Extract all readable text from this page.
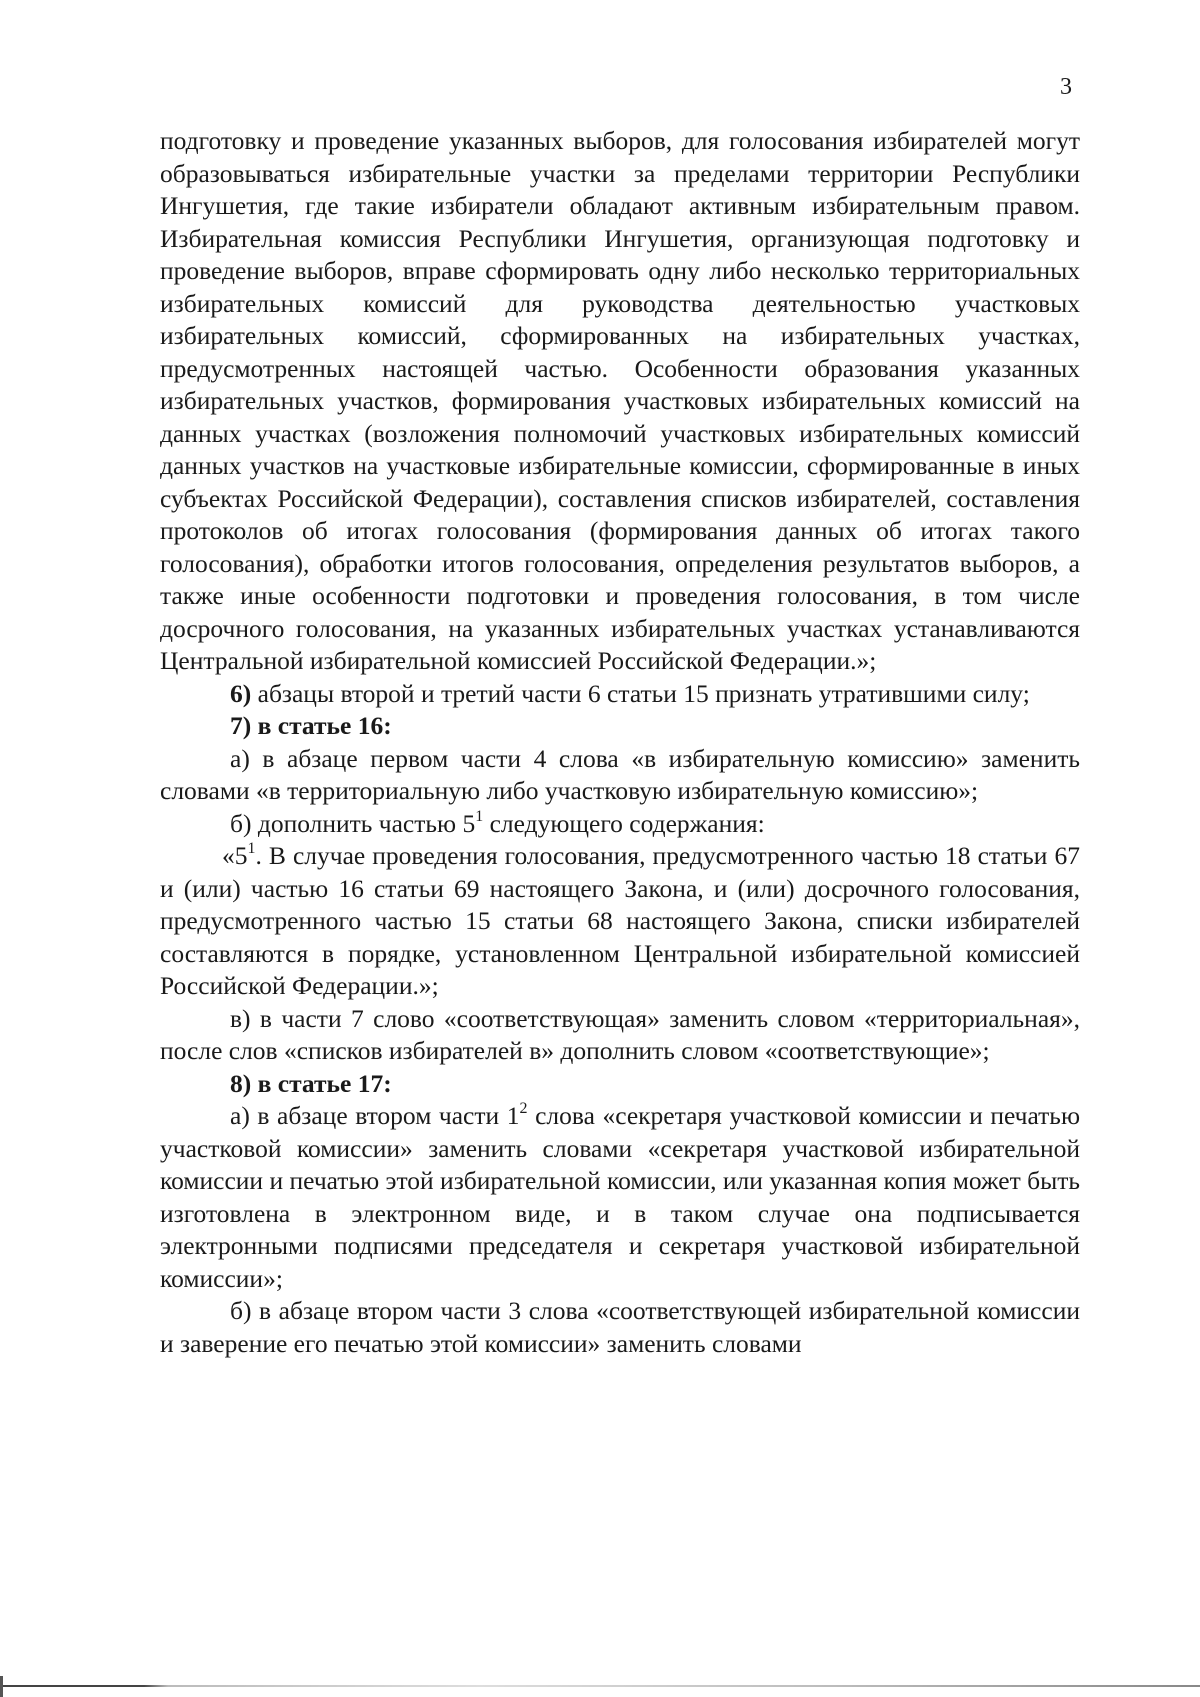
3

подготовку и проведение указанных выборов, для голосования избирателей могут образовываться избирательные участки за пределами территории Республики Ингушетия, где такие избиратели обладают активным избирательным правом. Избирательная комиссия Республики Ингушетия, организующая подготовку и проведение выборов, вправе сформировать одну либо несколько территориальных избирательных комиссий для руководства деятельностью участковых избирательных комиссий, сформированных на избирательных участках, предусмотренных настоящей частью. Особенности образования указанных избирательных участков, формирования участковых избирательных комиссий на данных участках (возложения полномочий участковых избирательных комиссий данных участков на участковые избирательные комиссии, сформированные в иных субъектах Российской Федерации), составления списков избирателей, составления протоколов об итогах голосования (формирования данных об итогах такого голосования), обработки итогов голосования, определения результатов выборов, а также иные особенности подготовки и проведения голосования, в том числе досрочного голосования, на указанных избирательных участках устанавливаются Центральной избирательной комиссией Российской Федерации.»;

6) абзацы второй и третий части 6 статьи 15 признать утратившими силу;

7) в статье 16:

а) в абзаце первом части 4 слова «в избирательную комиссию» заменить словами «в территориальную либо участковую избирательную комиссию»;

б) дополнить частью $5^1$ следующего содержания:

«$5^1$. В случае проведения голосования, предусмотренного частью 18 статьи 67 и (или) частью 16 статьи 69 настоящего Закона, и (или) досрочного голосования, предусмотренного частью 15 статьи 68 настоящего Закона, списки избирателей составляются в порядке, установленном Центральной избирательной комиссией Российской Федерации.»;

в) в части 7 слово «соответствующая» заменить словом «территориальная», после слов «списков избирателей в» дополнить словом «соответствующие»;

8) в статье 17:

а) в абзаце втором части $1^2$ слова «секретаря участковой комиссии и печатью участковой комиссии» заменить словами «секретаря участковой избирательной комиссии и печатью этой избирательной комиссии, или указанная копия может быть изготовлена в электронном виде, и в таком случае она подписывается электронными подписями председателя и секретаря участковой избирательной комиссии»;

б) в абзаце втором части 3 слова «соответствующей избирательной комиссии и заверение его печатью этой комиссии» заменить словами
